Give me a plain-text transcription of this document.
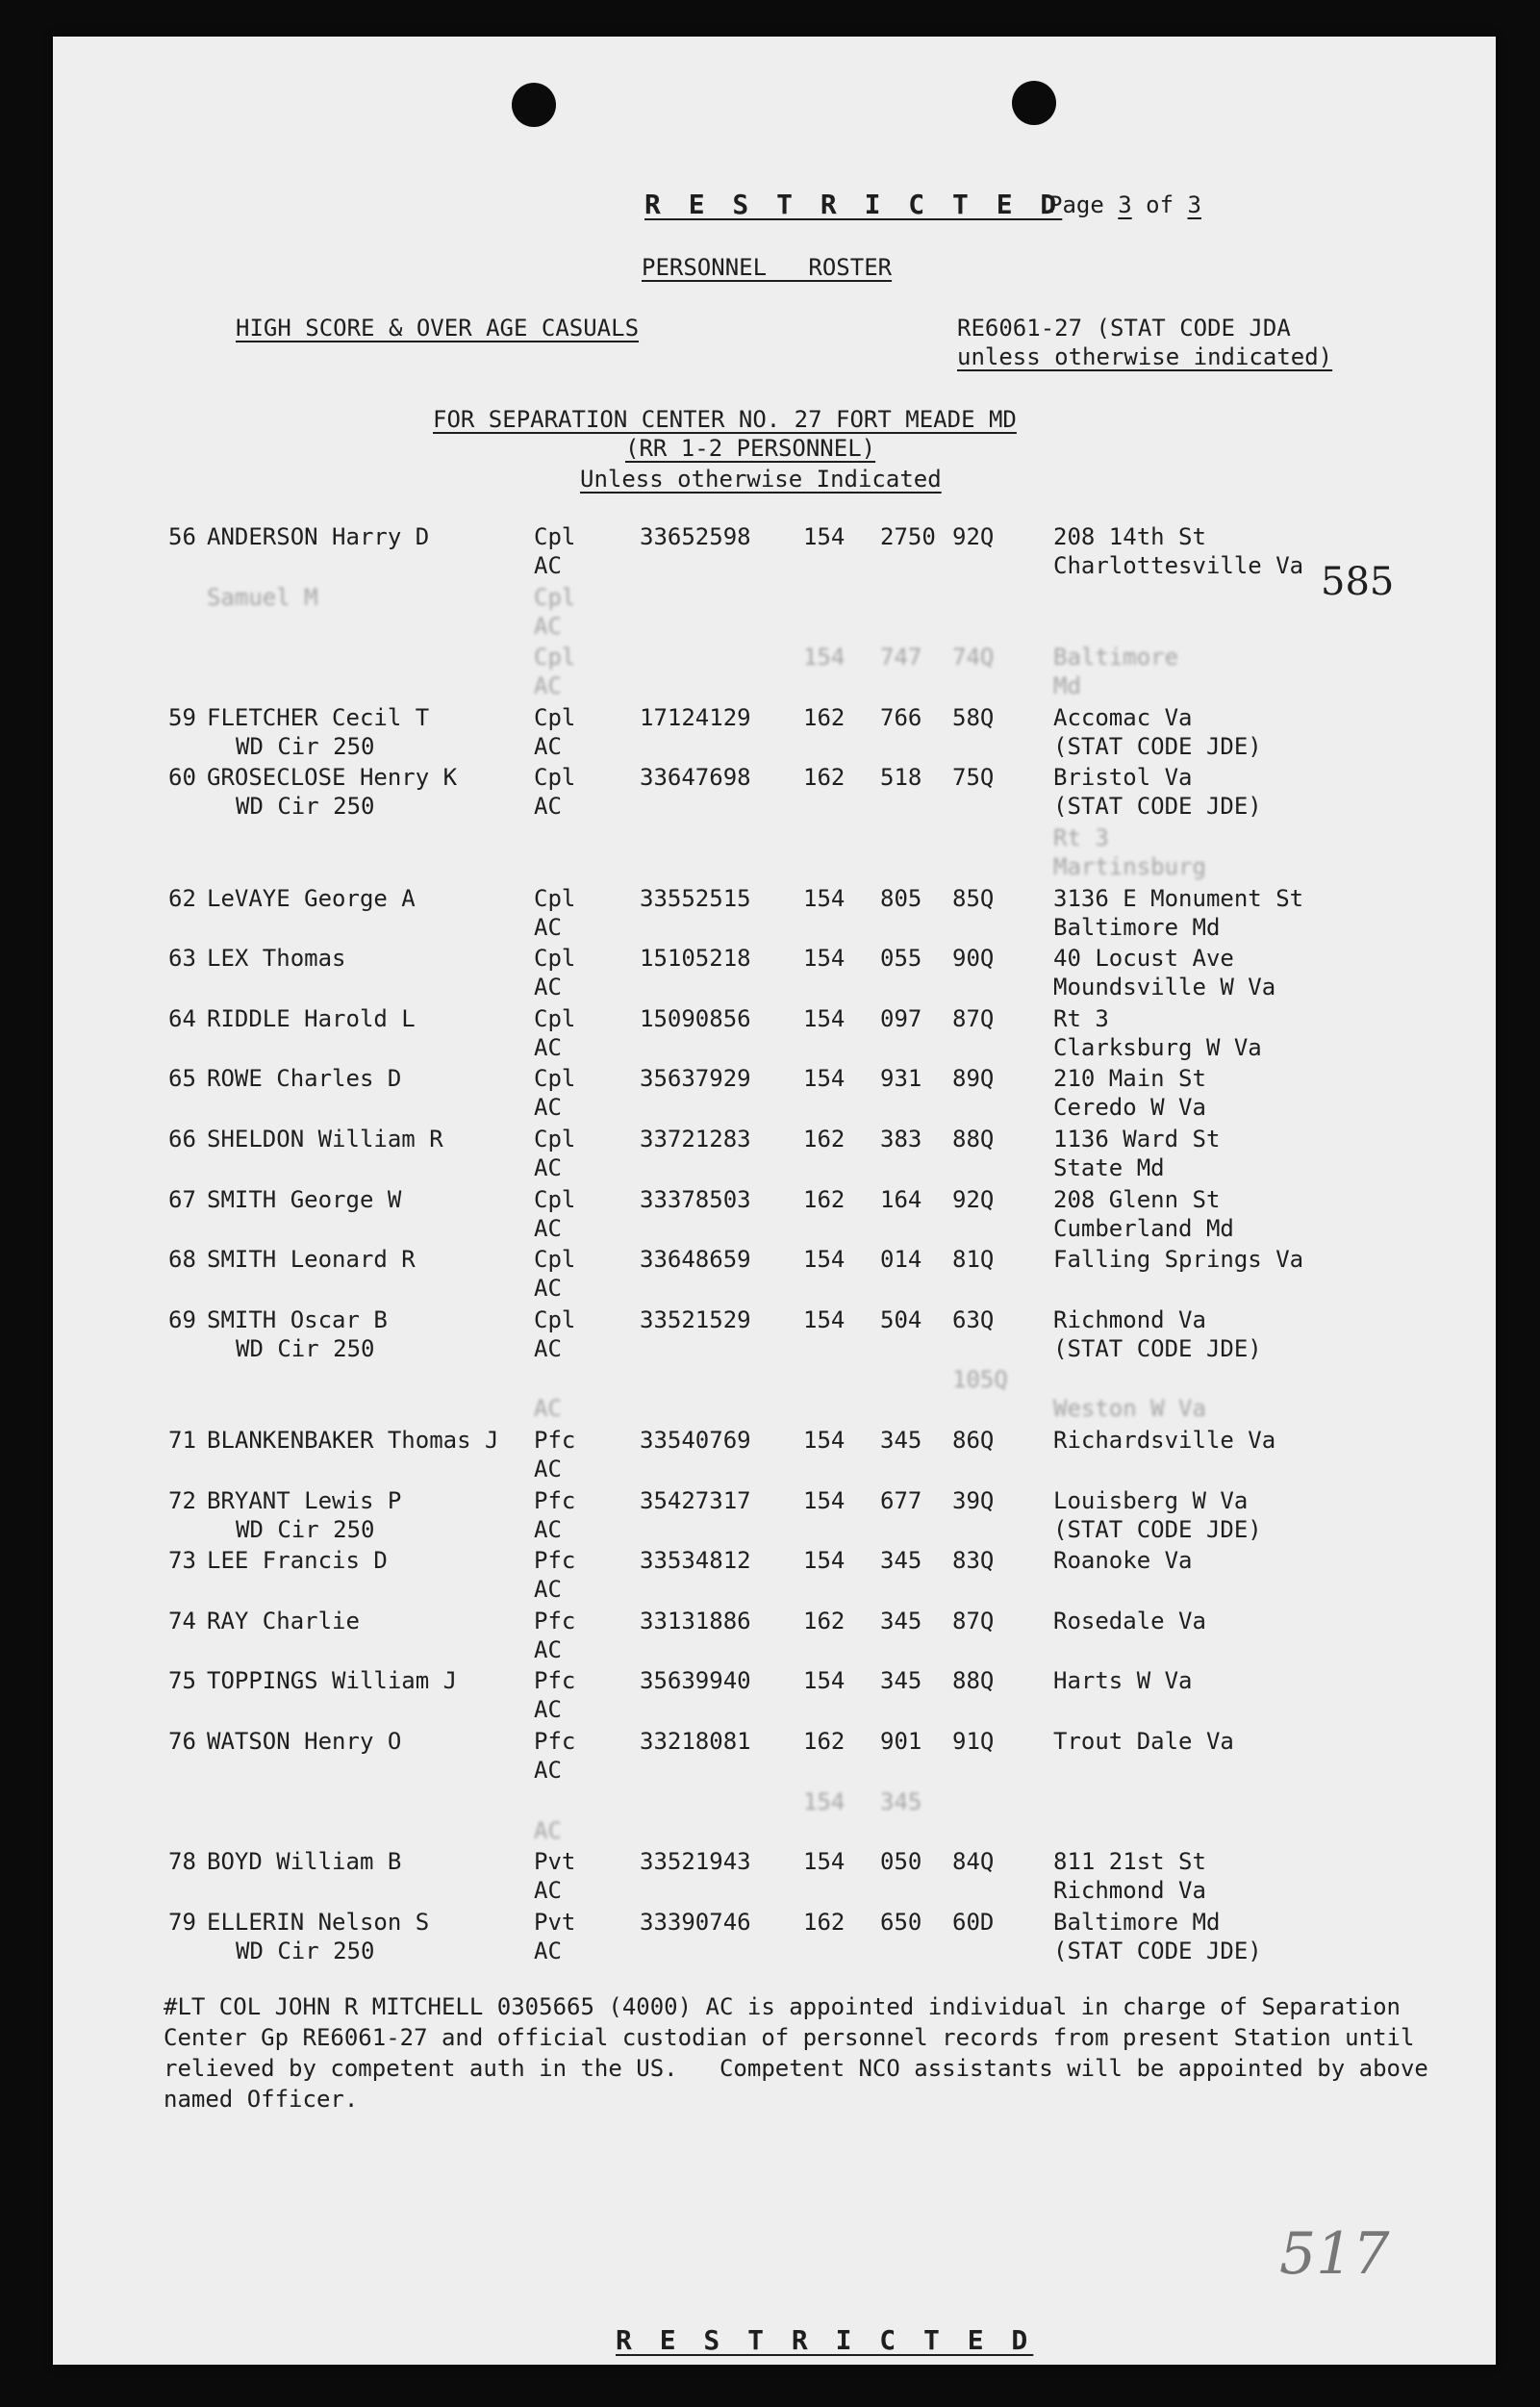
R E S T R I C T E D
Page 3 of 3
PERSONNEL   ROSTER
HIGH SCORE & OVER AGE CASUALS	RE6061-27 (STAT CODE JDA
unless otherwise indicated)
FOR SEPARATION CENTER NO. 27 FORT MEADE MD
(RR 1-2 PERSONNEL)
Unless otherwise Indicated
585
56 ANDERSON Harry D	Cpl	33652598 154 2750 92Q	208 14th St
AC	Charlottesville Va
Samuel M	Cpl
AC
Cpl	154 747 74Q	Baltimore
AC	Md
59 FLETCHER Cecil T	Cpl	17124129 162 766 58Q	Accomac Va
WD Cir 250	AC	(STAT CODE JDE)
60 GROSECLOSE Henry K	Cpl	33647698 162 518 75Q	Bristol Va
WD Cir 250	AC	(STAT CODE JDE)
Rt 3
Martinsburg
62 LeVAYE George A	Cpl	33552515 154 805 85Q	3136 E Monument St
AC	Baltimore Md
63 LEX Thomas	Cpl	15105218 154 055 90Q	40 Locust Ave
AC	Moundsville W Va
64 RIDDLE Harold L	Cpl	15090856 154 097 87Q	Rt 3
AC	Clarksburg W Va
65 ROWE Charles D	Cpl	35637929 154 931 89Q	210 Main St
AC	Ceredo W Va
66 SHELDON William R	Cpl	33721283 162 383 88Q	1136 Ward St
AC	State Md
67 SMITH George W	Cpl	33378503 162 164 92Q	208 Glenn St
AC	Cumberland Md
68 SMITH Leonard R	Cpl	33648659 154 014 81Q	Falling Springs Va
AC
69 SMITH Oscar B	Cpl	33521529 154 504 63Q	Richmond Va
WD Cir 250	AC	(STAT CODE JDE)
105Q
AC	Weston W Va
71 BLANKENBAKER Thomas J Pfc	33540769 154 345 86Q	Richardsville Va
AC
72 BRYANT Lewis P	Pfc	35427317 154 677 39Q	Louisberg W Va
WD Cir 250	AC	(STAT CODE JDE)
73 LEE Francis D	Pfc	33534812 154 345 83Q	Roanoke Va
AC
74 RAY Charlie	Pfc	33131886 162 345 87Q	Rosedale Va
AC
75 TOPPINGS William J	Pfc	35639940 154 345 88Q	Harts W Va
AC
76 WATSON Henry O	Pfc	33218081 162 901 91Q	Trout Dale Va
AC
154 345
AC
78 BOYD William B	Pvt	33521943 154 050 84Q	811 21st St
AC	Richmond Va
79 ELLERIN Nelson S	Pvt	33390746 162 650 60D	Baltimore Md
WD Cir 250	AC	(STAT CODE JDE)
#LT COL JOHN R MITCHELL 0305665 (4000) AC is appointed individual in charge of Separation Center Gp RE6061-27 and official custodian of personnel records from present Station until relieved by competent auth in the US.   Competent NCO assistants will be appointed by above named Officer.
517
R E S T R I C T E D
